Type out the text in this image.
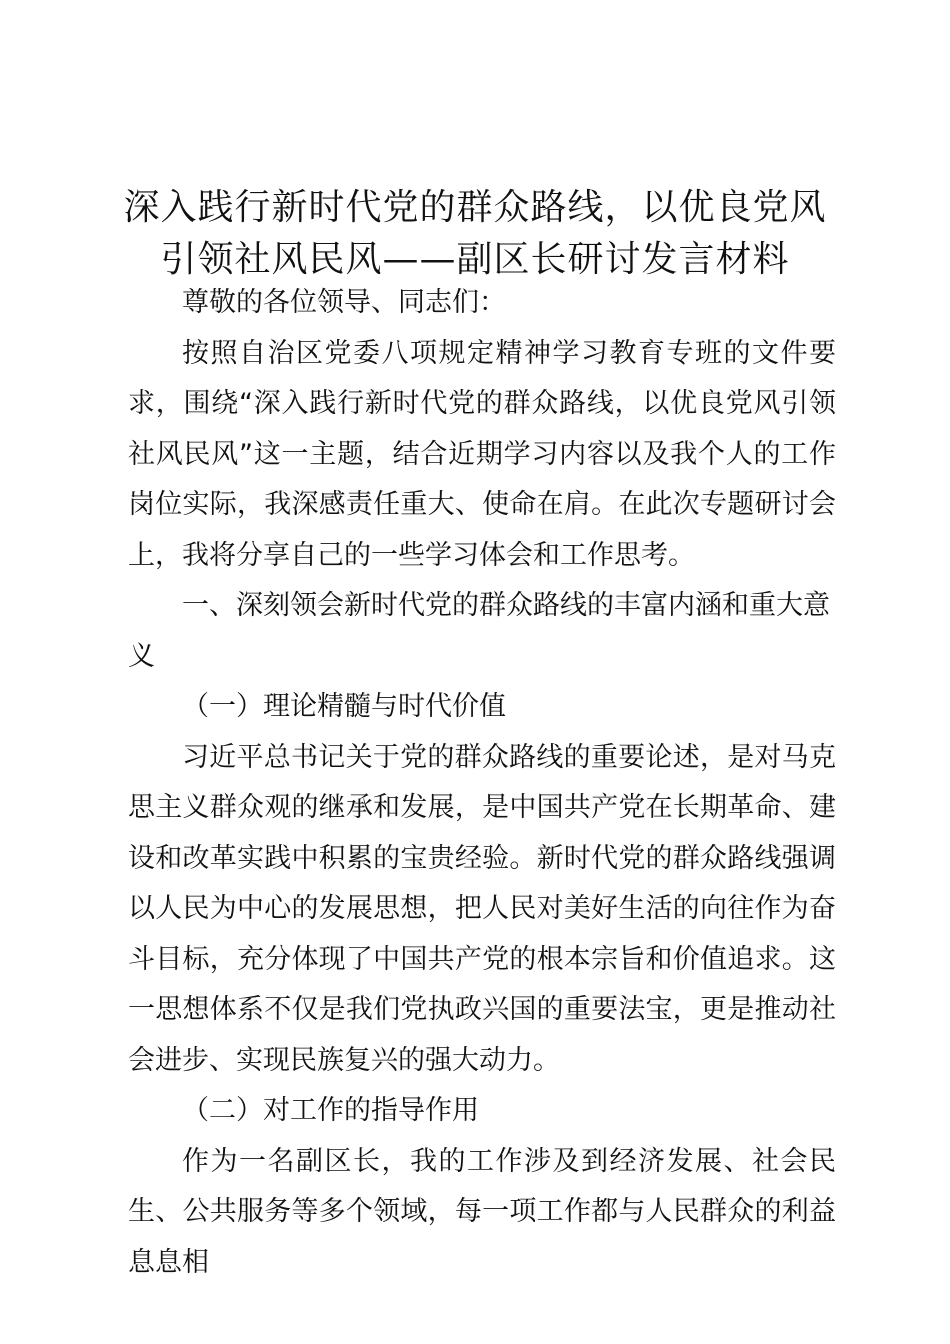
深入践行新时代党的群众路线，以优良党风引领社风民风——副区长研讨发言材料

尊敬的各位领导、同志们：

按照自治区党委八项规定精神学习教育专班的文件要求，围绕“深入践行新时代党的群众路线，以优良党风引领社风民风”这一主题，结合近期学习内容以及我个人的工作岗位实际，我深感责任重大、使命在肩。在此次专题研讨会上，我将分享自己的一些学习体会和工作思考。

一、深刻领会新时代党的群众路线的丰富内涵和重大意义

（一）理论精髓与时代价值

习近平总书记关于党的群众路线的重要论述，是对马克思主义群众观的继承和发展，是中国共产党在长期革命、建设和改革实践中积累的宝贵经验。新时代党的群众路线强调以人民为中心的发展思想，把人民对美好生活的向往作为奋斗目标，充分体现了中国共产党的根本宗旨和价值追求。这一思想体系不仅是我们党执政兴国的重要法宝，更是推动社会进步、实现民族复兴的强大动力。

（二）对工作的指导作用

作为一名副区长，我的工作涉及到经济发展、社会民生、公共服务等多个领域，每一项工作都与人民群众的利益息息相
